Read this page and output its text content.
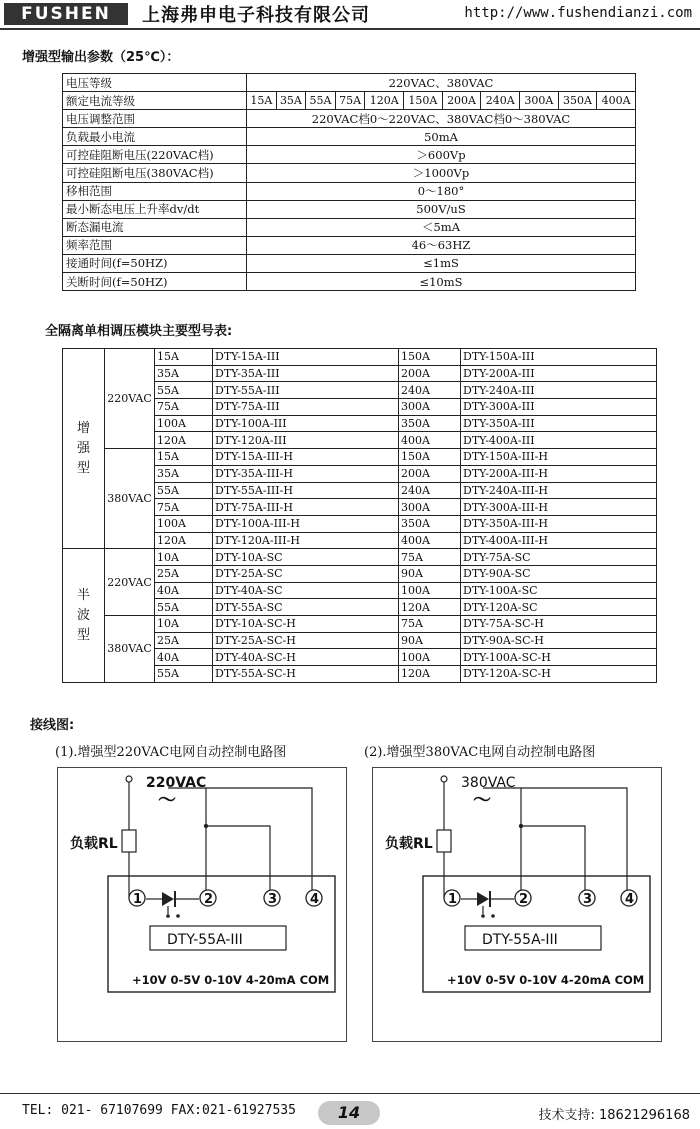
FUSHEN	上海弗申电子科技有限公司	http://www.fushendianzi.com
增强型输出参数（25℃）：
电压等级	220VAC、380VAC										
额定电流等级	15A	35A	55A	75A	120A	150A	200A	240A	300A	350A	400A
电压调整范围	220VAC档0～220VAC、380VAC档0～380VAC										
负载最小电流	50mA										
可控硅阻断电压(220VAC档)	＞600Vp										
可控硅阻断电压(380VAC档)	＞1000Vp										
移相范围	0～180°										
最小断态电压上升率dv/dt	500V/uS										
断态漏电流	＜5mA										
频率范围	46～63HZ										
接通时间(f=50HZ)	≤1mS										
关断时间(f=50HZ)	≤10mS										
全隔离单相调压模块主要型号表:
增
强
型	220VAC	15A	DTY-15A-III	150A	DTY-150A-III
		35A	DTY-35A-III	200A	DTY-200A-III
		55A	DTY-55A-III	240A	DTY-240A-III
		75A	DTY-75A-III	300A	DTY-300A-III
		100A	DTY-100A-III	350A	DTY-350A-III
		120A	DTY-120A-III	400A	DTY-400A-III
	380VAC	15A	DTY-15A-III-H	150A	DTY-150A-III-H
		35A	DTY-35A-III-H	200A	DTY-200A-III-H
		55A	DTY-55A-III-H	240A	DTY-240A-III-H
		75A	DTY-75A-III-H	300A	DTY-300A-III-H
		100A	DTY-100A-III-H	350A	DTY-350A-III-H
		120A	DTY-120A-III-H	400A	DTY-400A-III-H
半
波
型	220VAC	10A	DTY-10A-SC	75A	DTY-75A-SC
		25A	DTY-25A-SC	90A	DTY-90A-SC
		40A	DTY-40A-SC	100A	DTY-100A-SC
		55A	DTY-55A-SC	120A	DTY-120A-SC
	380VAC	10A	DTY-10A-SC-H	75A	DTY-75A-SC-H
		25A	DTY-25A-SC-H	90A	DTY-90A-SC-H
		40A	DTY-40A-SC-H	100A	DTY-100A-SC-H
		55A	DTY-55A-SC-H	120A	DTY-120A-SC-H
接线图:
(1).增强型220VAC电网自动控制电路图	(2).增强型380VAC电网自动控制电路图
220VAC
～
负载RL
1	2	3	4
DTY-55A-III
+10V 0-5V 0-10V 4-20mA COM
380VAC
～
负载RL
1	2	3	4
DTY-55A-III
+10V 0-5V 0-10V 4-20mA COM
TEL: 021- 67107699 FAX:021-61927535	14	技术支持: 18621296168
